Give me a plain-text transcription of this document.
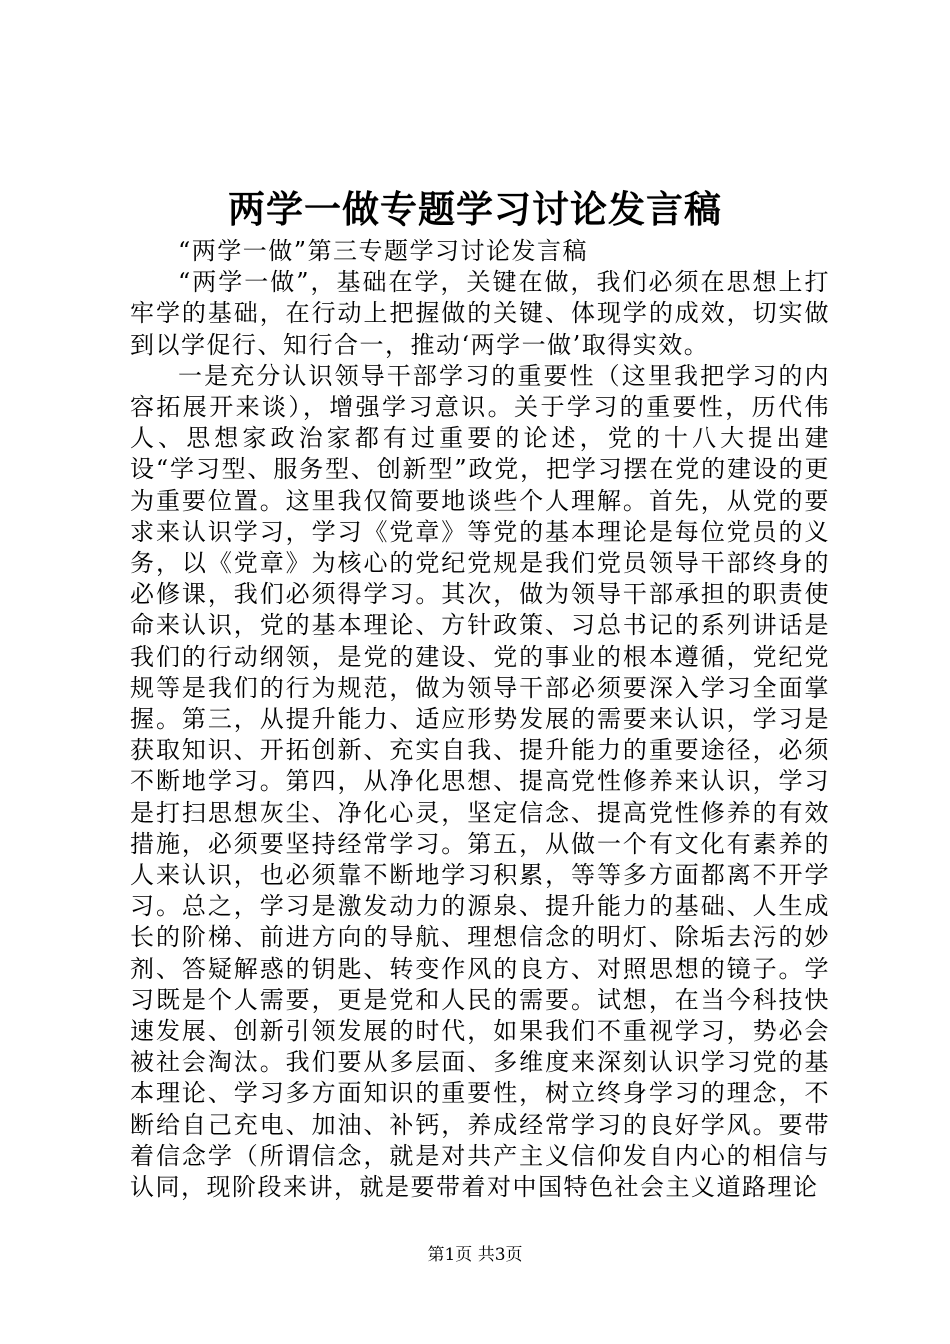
两学一做专题学习讨论发言稿

“两学一做”第三专题学习讨论发言稿

“两学一做”，基础在学，关键在做，我们必须在思想上打牢学的基础，在行动上把握做的关键、体现学的成效，切实做到以学促行、知行合一，推动‘两学一做’取得实效。

一是充分认识领导干部学习的重要性（这里我把学习的内容拓展开来谈），增强学习意识。关于学习的重要性，历代伟人、思想家政治家都有过重要的论述，党的十八大提出建设“学习型、服务型、创新型”政党，把学习摆在党的建设的更为重要位置。这里我仅简要地谈些个人理解。首先，从党的要求来认识学习，学习《党章》等党的基本理论是每位党员的义务，以《党章》为核心的党纪党规是我们党员领导干部终身的必修课，我们必须得学习。其次，做为领导干部承担的职责使命来认识，党的基本理论、方针政策、习总书记的系列讲话是我们的行动纲领，是党的建设、党的事业的根本遵循，党纪党规等是我们的行为规范，做为领导干部必须要深入学习全面掌握。第三，从提升能力、适应形势发展的需要来认识，学习是获取知识、开拓创新、充实自我、提升能力的重要途径，必须不断地学习。第四，从净化思想、提高党性修养来认识，学习是打扫思想灰尘、净化心灵，坚定信念、提高党性修养的有效措施，必须要坚持经常学习。第五，从做一个有文化有素养的人来认识，也必须靠不断地学习积累，等等多方面都离不开学习。总之，学习是激发动力的源泉、提升能力的基础、人生成长的阶梯、前进方向的导航、理想信念的明灯、除垢去污的妙剂、答疑解惑的钥匙、转变作风的良方、对照思想的镜子。学习既是个人需要，更是党和人民的需要。试想，在当今科技快速发展、创新引领发展的时代，如果我们不重视学习，势必会被社会淘汰。我们要从多层面、多维度来深刻认识学习党的基本理论、学习多方面知识的重要性，树立终身学习的理念，不断给自己充电、加油、补钙，养成经常学习的良好学风。要带着信念学（所谓信念，就是对共产主义信仰发自内心的相信与认同，现阶段来讲，就是要带着对中国特色社会主义道路理论

第1页 共3页
